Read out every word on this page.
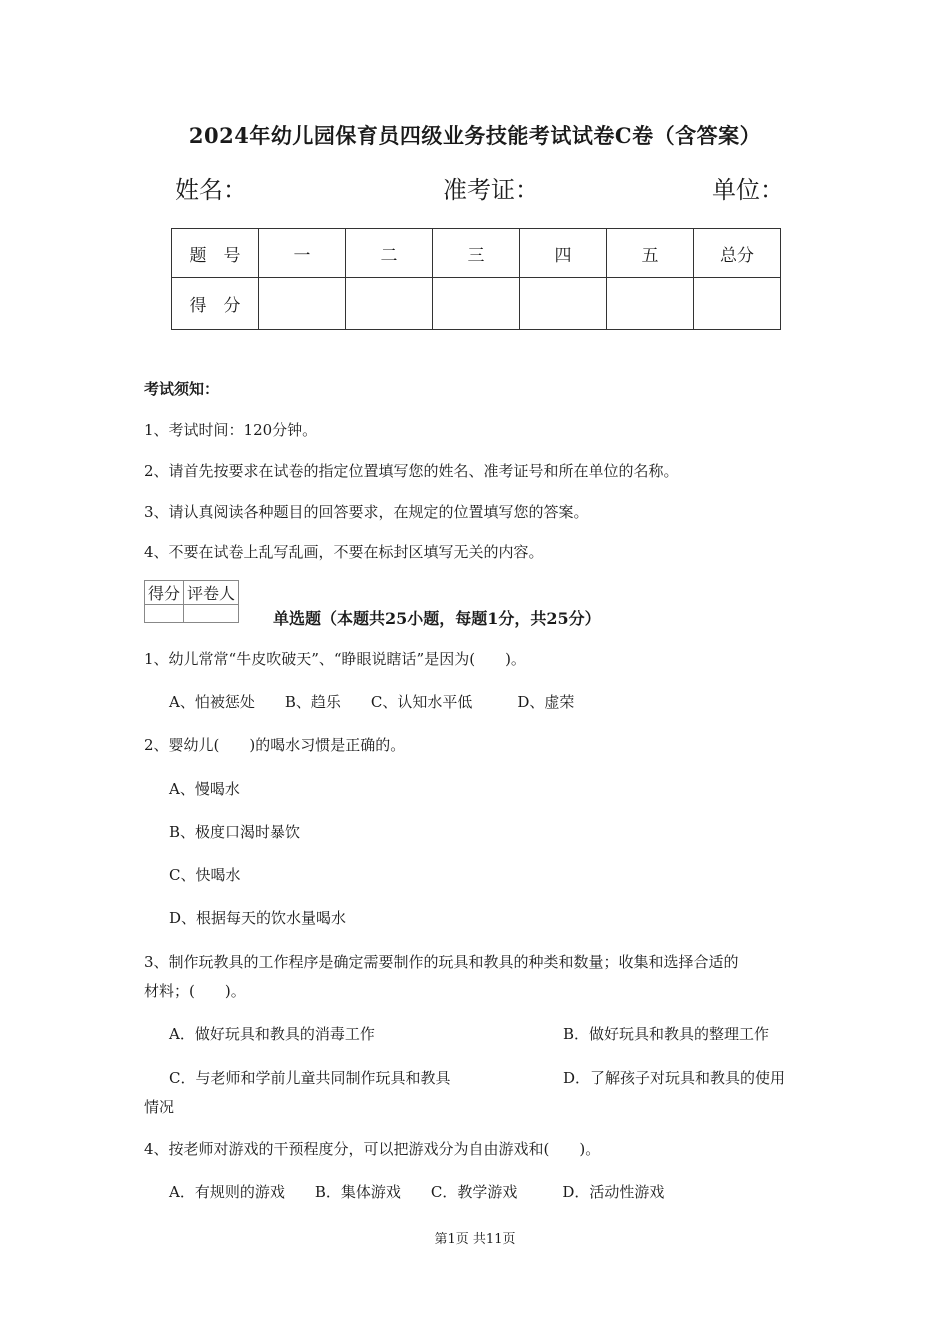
2024年幼儿园保育员四级业务技能考试试卷C卷（含答案）
姓名：	准考证：	单位：
题　号	一	二	三	四	五	总分
得　分						
考试须知：
1、考试时间：120分钟。
2、请首先按要求在试卷的指定位置填写您的姓名、准考证号和所在单位的名称。
3、请认真阅读各种题目的回答要求，在规定的位置填写您的答案。
4、不要在试卷上乱写乱画，不要在标封区填写无关的内容。
得分	评卷人

单选题（本题共25小题，每题1分，共25分）
1、幼儿常常“牛皮吹破天”、“睁眼说瞎话”是因为(　　)。
A、怕被惩处　　B、趋乐　　C、认知水平低　　　D、虚荣
2、婴幼儿(　　)的喝水习惯是正确的。
A、慢喝水
B、极度口渴时暴饮
C、快喝水
D、根据每天的饮水量喝水
3、制作玩教具的工作程序是确定需要制作的玩具和教具的种类和数量；收集和选择合适的
材料；(　　)。
A．做好玩具和教具的消毒工作	B．做好玩具和教具的整理工作
C．与老师和学前儿童共同制作玩具和教具	D．了解孩子对玩具和教具的使用
情况
4、按老师对游戏的干预程度分，可以把游戏分为自由游戏和(　　)。
A．有规则的游戏　　B．集体游戏　　C．教学游戏　　　D．活动性游戏
第1页 共11页
